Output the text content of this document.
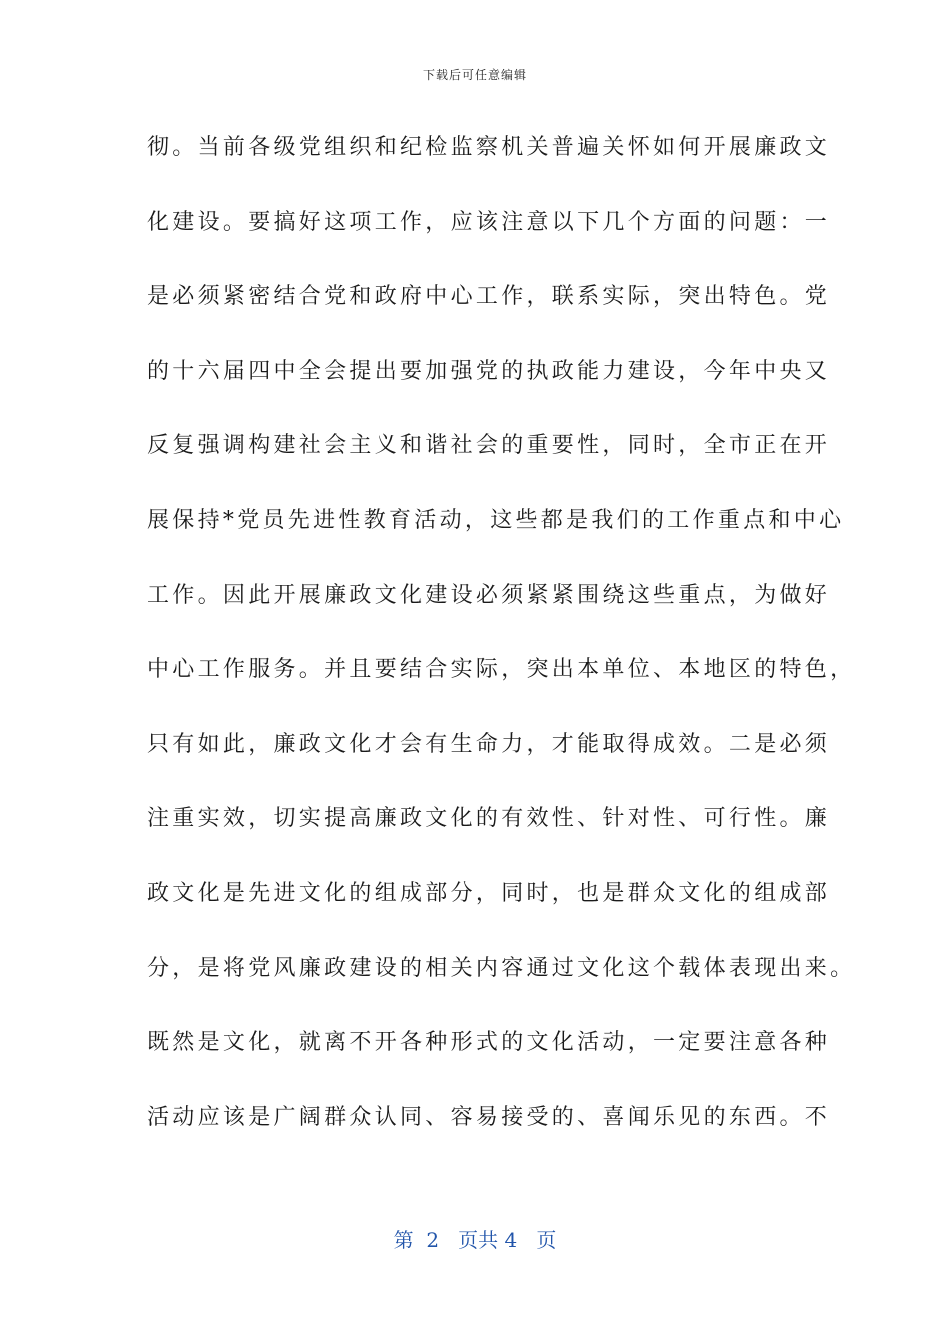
下载后可任意编辑
彻。当前各级党组织和纪检监察机关普遍关怀如何开展廉政文
化建设。要搞好这项工作，应该注意以下几个方面的问题：一
是必须紧密结合党和政府中心工作，联系实际，突出特色。党
的十六届四中全会提出要加强党的执政能力建设，今年中央又
反复强调构建社会主义和谐社会的重要性，同时，全市正在开
展保持*党员先进性教育活动，这些都是我们的工作重点和中心
工作。因此开展廉政文化建设必须紧紧围绕这些重点，为做好
中心工作服务。并且要结合实际，突出本单位、本地区的特色，
只有如此，廉政文化才会有生命力，才能取得成效。二是必须
注重实效，切实提高廉政文化的有效性、针对性、可行性。廉
政文化是先进文化的组成部分，同时，也是群众文化的组成部
分，是将党风廉政建设的相关内容通过文化这个载体表现出来。
既然是文化，就离不开各种形式的文化活动，一定要注意各种
活动应该是广阔群众认同、容易接受的、喜闻乐见的东西。不
第 2 页共 4 页
